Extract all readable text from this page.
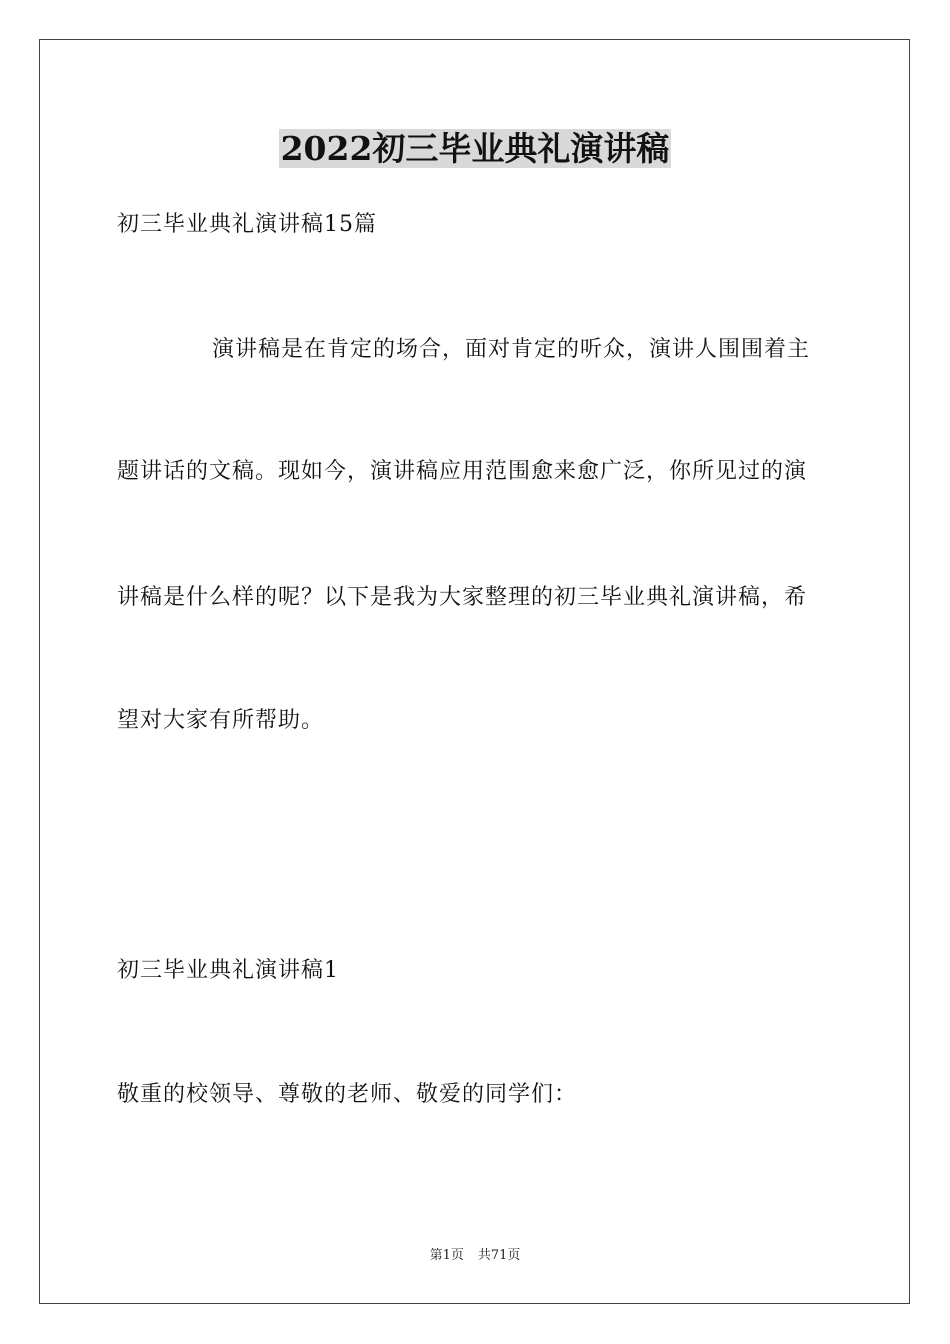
2022初三毕业典礼演讲稿
初三毕业典礼演讲稿15篇
演讲稿是在肯定的场合，面对肯定的听众，演讲人围围着主
题讲话的文稿。现如今，演讲稿应用范围愈来愈广泛，你所见过的演
讲稿是什么样的呢？以下是我为大家整理的初三毕业典礼演讲稿，希
望对大家有所帮助。
初三毕业典礼演讲稿1
敬重的校领导、尊敬的老师、敬爱的同学们：
第1页 共71页
